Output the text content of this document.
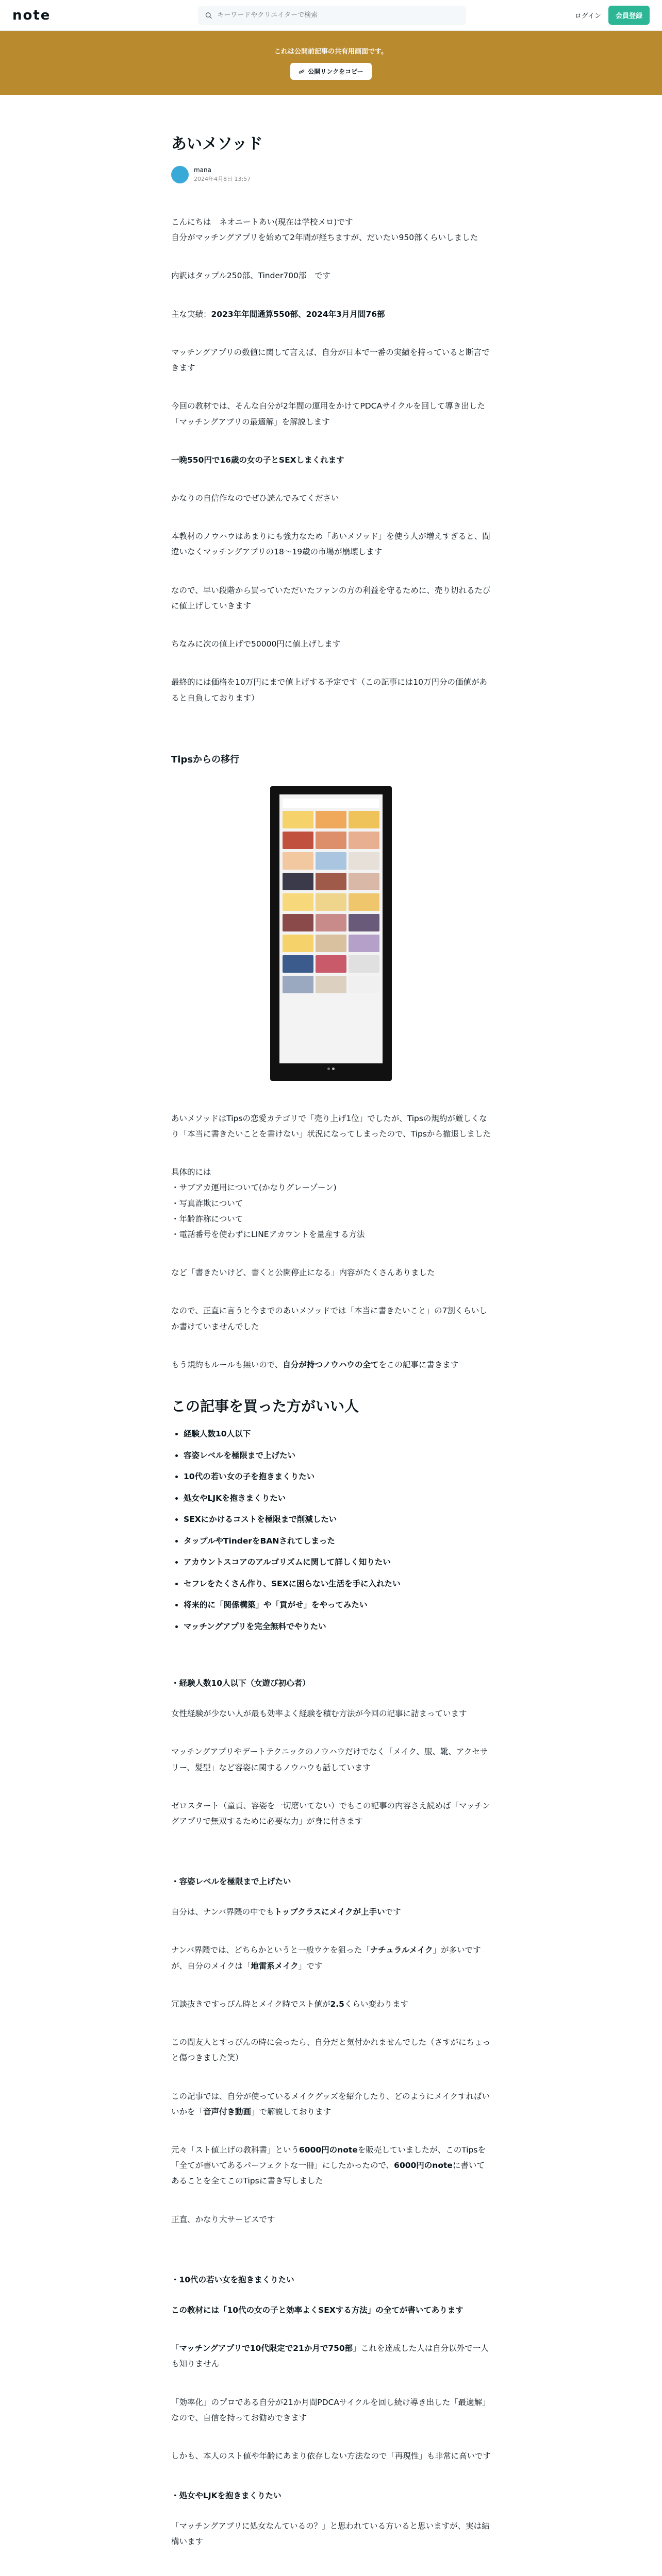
note
キーワードやクリエイターで検索	ログイン	会員登録
これは公開前記事の共有用画面です。
公開リンクをコピー
あいメソッド
mana
2024年4月8日 13:57

こんにちは　ネオニートあい(現在は学校メロ)です
自分がマッチングアプリを始めて2年間が経ちますが、だいたい950部くらいしました

内訳はタップル250部、Tinder700部　です

主な実績：2023年年間通算550部、2024年3月月間76部

マッチングアプリの数値に関して言えば、自分が日本で一番の実績を持っていると断言できます

今回の教材では、そんな自分が2年間の運用をかけてPDCAサイクルを回して導き出した「マッチングアプリの最適解」を解説します

一晩550円で16歳の女の子とSEXしまくれます

かなりの自信作なのでぜひ読んでみてください

本教材のノウハウはあまりにも強力なため「あいメソッド」を使う人が増えすぎると、間違いなくマッチングアプリの18〜19歳の市場が崩壊します

なので、早い段階から買っていただいたファンの方の利益を守るために、売り切れるたびに値上げしていきます

ちなみに次の値上げで50000円に値上げします

最終的には価格を10万円にまで値上げする予定です（この記事には10万円分の価値があると自負しております）

Tipsからの移行

あいメソッドはTipsの恋愛カテゴリで「売り上げ1位」でしたが、Tipsの規約が厳しくなり「本当に書きたいことを書けない」状況になってしまったので、Tipsから撤退しました

具体的には
・サブアカ運用について(かなりグレーゾーン)
・写真詐欺について
・年齢詐称について
・電話番号を使わずにLINEアカウントを量産する方法

など「書きたいけど、書くと公開停止になる」内容がたくさんありました

なので、正直に言うと今までのあいメソッドでは「本当に書きたいこと」の7割くらいしか書けていませんでした

もう規約もルールも無いので、自分が持つノウハウの全てをこの記事に書きます

この記事を買った方がいい人
• 経験人数10人以下
• 容姿レベルを極限まで上げたい
• 10代の若い女の子を抱きまくりたい
• 処女やLJKを抱きまくりたい
• SEXにかけるコストを極限まで削減したい
• タップルやTinderをBANされてしまった
• アカウントスコアのアルゴリズムに関して詳しく知りたい
• セフレをたくさん作り、SEXに困らない生活を手に入れたい
• 将来的に「関係構築」や「貢がせ」をやってみたい
• マッチングアプリを完全無料でやりたい
・経験人数10人以下（女遊び初心者）

女性経験が少ない人が最も効率よく経験を積む方法が今回の記事に詰まっています

マッチングアプリやデートテクニックのノウハウだけでなく「メイク、服、靴、アクセサリー、髪型」など容姿に関するノウハウも話しています

ゼロスタート（童貞、容姿を一切磨いてない）でもこの記事の内容さえ読めば「マッチングアプリで無双するために必要な力」が身に付きます

・容姿レベルを極限まで上げたい

自分は、ナンパ界隈の中でもトップクラスにメイクが上手いです

ナンパ界隈では、どちらかというと一般ウケを狙った「ナチュラルメイク」が多いですが、自分のメイクは「地雷系メイク」です

冗談抜きですっぴん時とメイク時でスト値が2.5くらい変わります

この間友人とすっぴんの時に会ったら、自分だと気付かれませんでした（さすがにちょっと傷つきました笑）

この記事では、自分が使っているメイクグッズを紹介したり、どのようにメイクすればいいかを「音声付き動画」で解説しております

元々「スト値上げの教科書」という6000円のnoteを販売していましたが、このTipsを「全てが書いてあるパーフェクトな一冊」にしたかったので、6000円のnoteに書いてあることを全てこのTipsに書き写しました

正直、かなり大サービスです

・10代の若い女を抱きまくりたい

この教材には「10代の女の子と効率よくSEXする方法」の全てが書いてあります

「マッチングアプリで10代限定で21か月で750部」これを達成した人は自分以外で一人も知りません

「効率化」のプロである自分が21か月間PDCAサイクルを回し続け導き出した「最適解」なので、自信を持ってお勧めできます

しかも、本人のスト値や年齢にあまり依存しない方法なので「再現性」も非常に高いです

・処女やLJKを抱きまくりたい

「マッチングアプリに処女なんているの？」と思われている方いると思いますが、実は結構います
